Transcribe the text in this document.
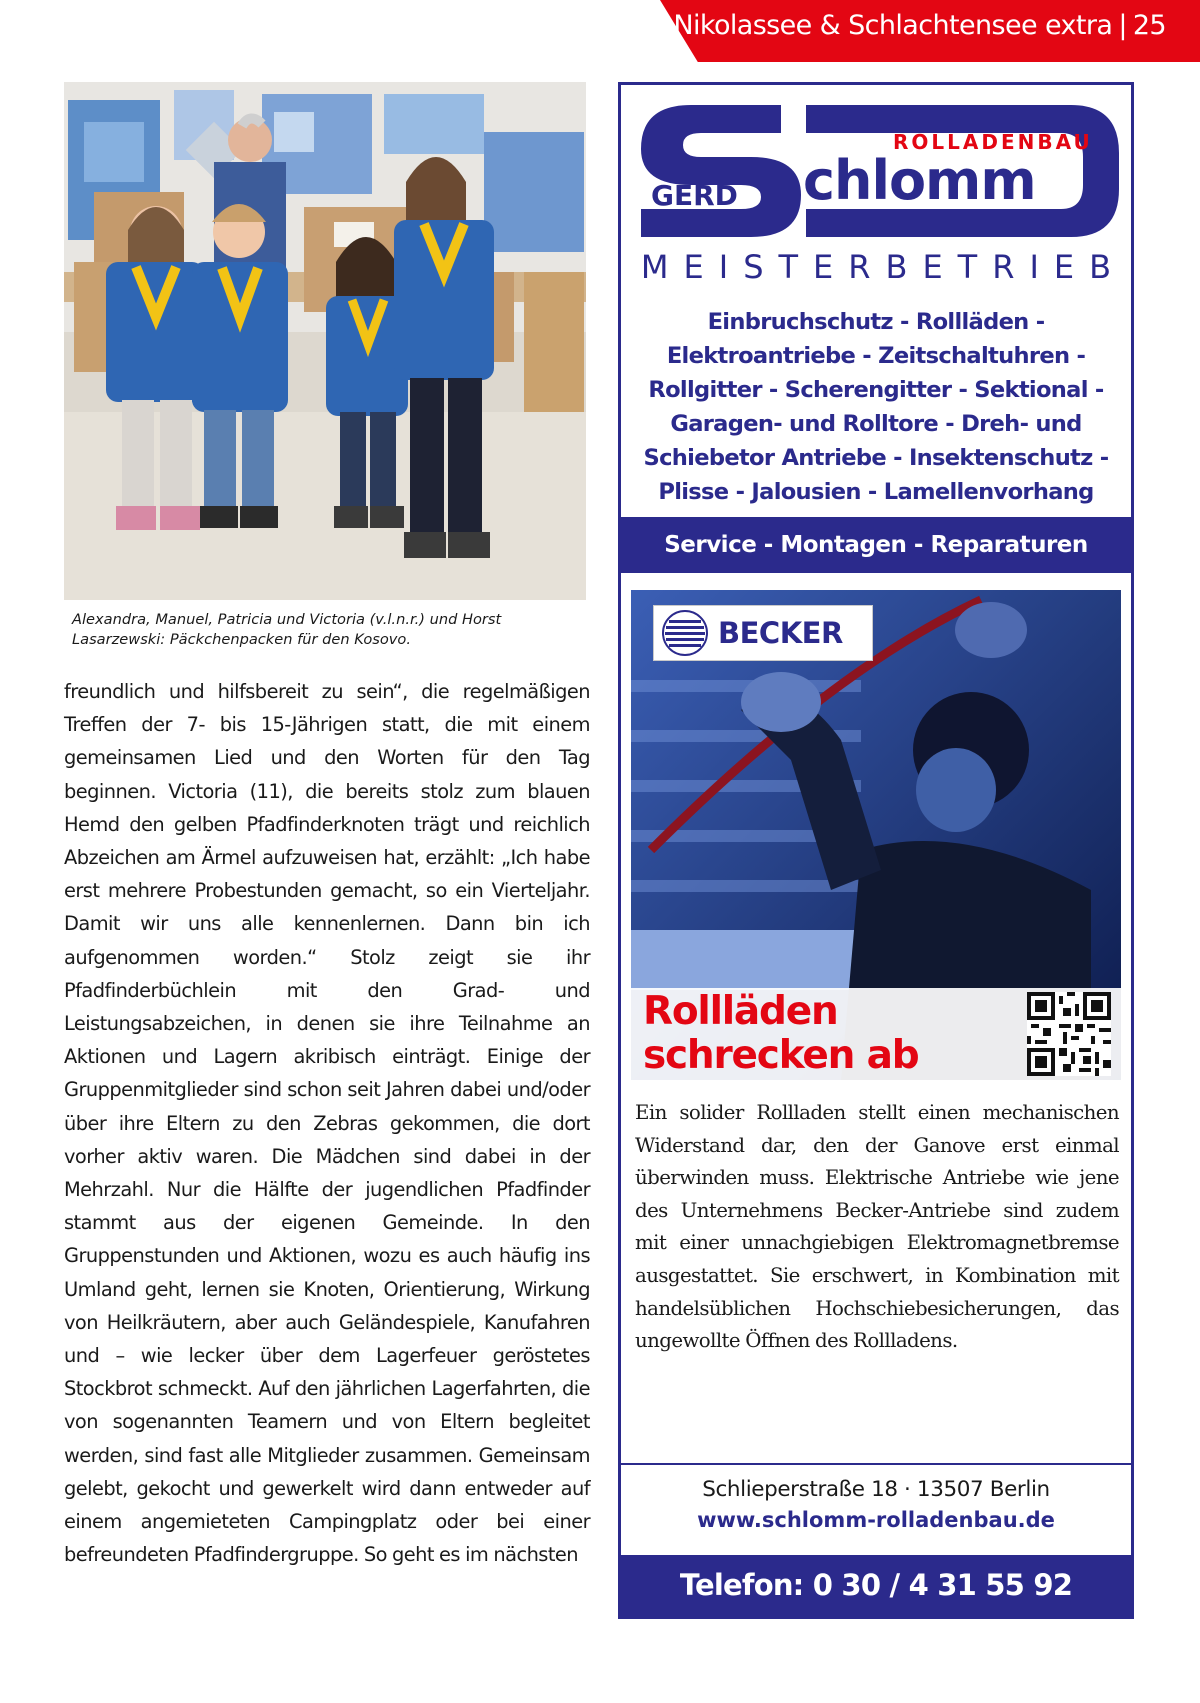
Nikolassee & Schlachtensee extra | 25
Alexandra, Manuel, Patricia und Victoria (v.l.n.r.) und Horst
Lasarzewski: Päckchenpacken für den Kosovo.
freundlich und hilfsbereit zu sein“, die regelmäßigen Treffen der 7- bis 15-Jährigen statt, die mit einem gemeinsamen Lied und den Worten für den Tag beginnen. Victoria (11), die bereits stolz zum blauen Hemd den gelben Pfadfinderknoten trägt und reichlich Abzeichen am Ärmel aufzuweisen hat, erzählt: „Ich habe erst mehrere Probestunden gemacht, so ein Vierteljahr. Damit wir uns alle kennenlernen. Dann bin ich aufgenommen worden.“ Stolz zeigt sie ihr Pfadfinderbüchlein mit den Grad- und Leistungsabzeichen, in denen sie ihre Teilnahme an Aktionen und Lagern akribisch einträgt. Einige der Gruppenmitglieder sind schon seit Jahren dabei und/oder über ihre Eltern zu den Zebras gekommen, die dort vorher aktiv waren. Die Mädchen sind dabei in der Mehrzahl. Nur die Hälfte der jugendlichen Pfadfinder stammt aus der eigenen Gemeinde. In den Gruppenstunden und Aktionen, wozu es auch häufig ins Umland geht, lernen sie Knoten, Orientierung, Wirkung von Heilkräutern, aber auch Geländespiele, Kanufahren und – wie lecker über dem Lagerfeuer geröstetes Stockbrot schmeckt. Auf den jährlichen Lagerfahrten, die von sogenannten Teamern und von Eltern begleitet werden, sind fast alle Mitglieder zusammen. Gemeinsam gelebt, gekocht und gewerkelt wird dann entweder auf einem angemieteten Campingplatz oder bei einer befreundeten Pfadfindergruppe. So geht es im nächsten
GERD
ROLLADENBAU
chlomm
MEISTERBETRIEB
Einbruchschutz - Rollläden -
Elektroantriebe - Zeitschaltuhren -
Rollgitter - Scherengitter - Sektional -
Garagen- und Rolltore - Dreh- und
Schiebetor Antriebe - Insektenschutz -
Plisse - Jalousien - Lamellenvorhang
Service - Montagen - Reparaturen
BECKER
Rollläden
schrecken ab
Ein solider Rollladen stellt einen mechanischen Widerstand dar, den der Ganove erst einmal überwinden muss. Elektrische Antriebe wie jene des Unternehmens Becker-Antriebe sind zudem mit einer unnachgiebigen Elektromagnetbremse ausgestattet. Sie erschwert, in Kombination mit handelsüblichen Hochschiebesicherungen, das ungewollte Öffnen des Rollladens.
Schlieperstraße 18 · 13507 Berlin
www.schlomm-rolladenbau.de
Telefon: 0 30 / 4 31 55 92
